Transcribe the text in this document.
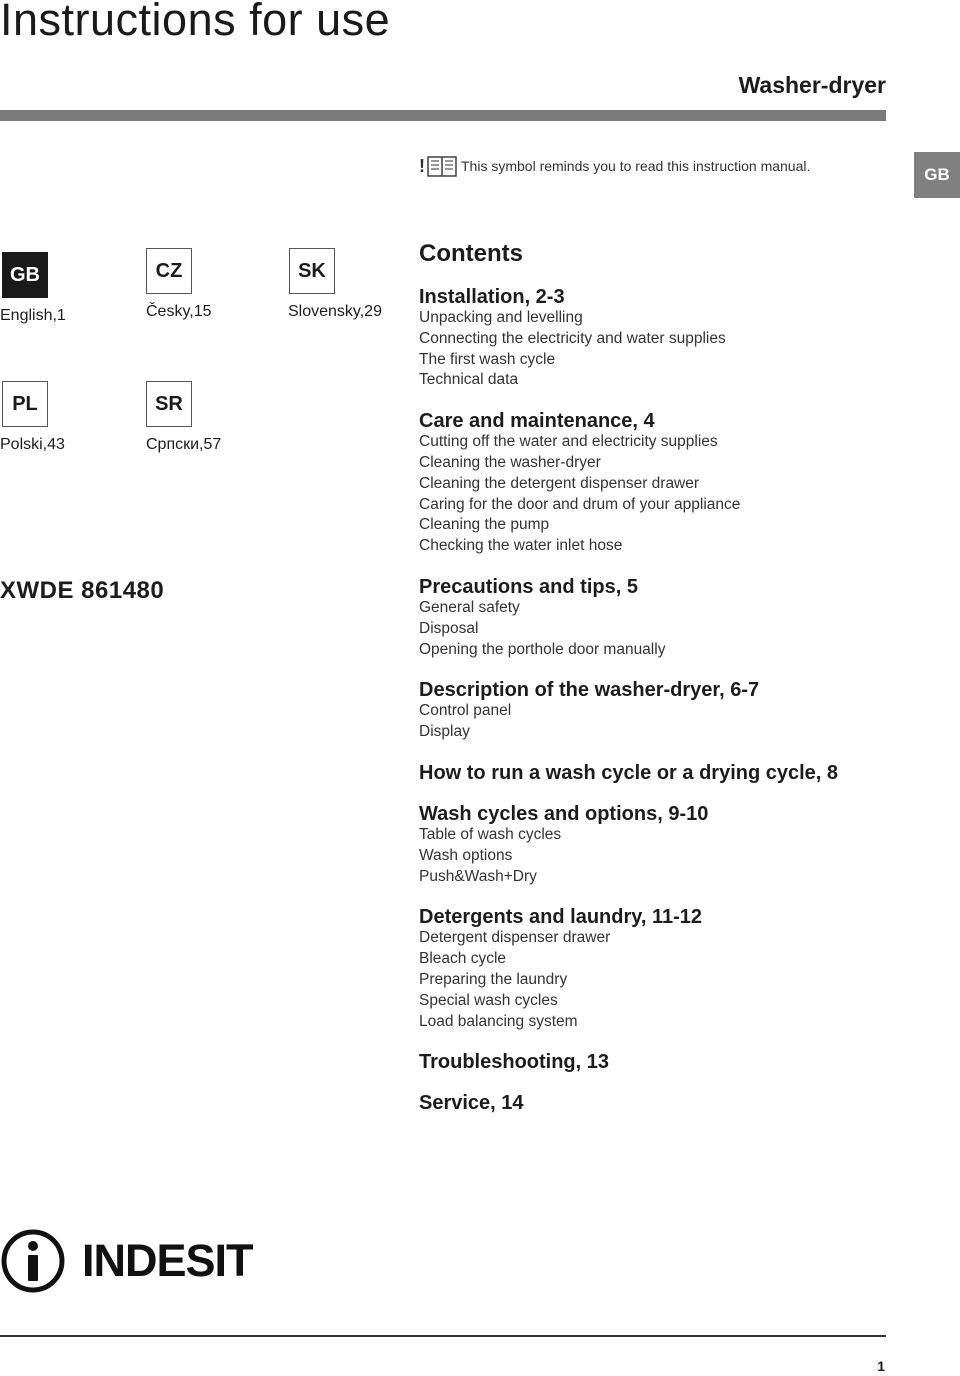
Instructions for use
Washer-dryer
!	This symbol reminds you to read this instruction manual.	GB
GB
English,1
CZ
Česky,15
SK
Slovensky,29
PL
Polski,43
SR
Српски,57
XWDE 861480
Contents
Installation, 2-3
Unpacking and levelling
Connecting the electricity and water supplies
The first wash cycle
Technical data
Care and maintenance, 4
Cutting off the water and electricity supplies
Cleaning the washer-dryer
Cleaning the detergent dispenser drawer
Caring for the door and drum of your appliance
Cleaning the pump
Checking the water inlet hose
Precautions and tips, 5
General safety
Disposal
Opening the porthole door manually
Description of the washer-dryer, 6-7
Control panel
Display
How to run a wash cycle or a drying cycle, 8
Wash cycles and options, 9-10
Table of wash cycles
Wash options
Push&Wash+Dry
Detergents and laundry, 11-12
Detergent dispenser drawer
Bleach cycle
Preparing the laundry
Special wash cycles
Load balancing system
Troubleshooting, 13
Service, 14
INDESIT
1
